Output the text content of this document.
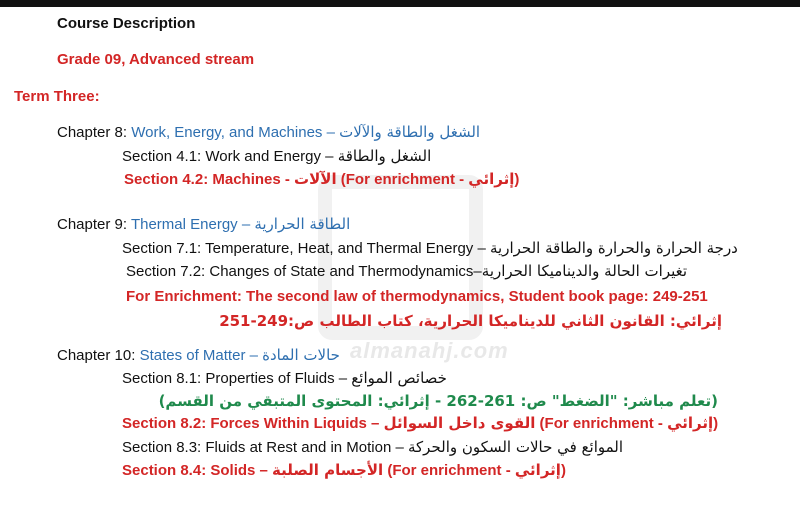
almanahj.com
Course Description
Grade 09, Advanced stream
Term Three:
Chapter 8: Work, Energy, and Machines – الشغل والطاقة والآلات
Section 4.1: Work and Energy – الشغل والطاقة
Section 4.2: Machines - الآلات (For enrichment - إثرائي)
Chapter 9: Thermal Energy – الطاقة الحرارية
Section 7.1: Temperature, Heat, and Thermal Energy – درجة الحرارة والحرارة والطاقة الحرارية
Section 7.2: Changes of State and Thermodynamics–تغيرات الحالة والديناميكا الحرارية
For Enrichment: The second law of thermodynamics, Student book page: 249-251
إثرائي: القانون الثاني للديناميكا الحرارية، كتاب الطالب ص:249-251
Chapter 10: States of Matter – حالات المادة
Section 8.1: Properties of Fluids – خصائص الموائع
(تعلم مباشر: "الضغط" ص: 261-262 - إثرائي: المحتوى المتبقي من القسم)
Section 8.2: Forces Within Liquids – القوى داخل السوائل (For enrichment - إثرائي)
Section 8.3: Fluids at Rest and in Motion – الموائع في حالات السكون والحركة
Section 8.4: Solids – الأجسام الصلبة (For enrichment - إثرائي)
